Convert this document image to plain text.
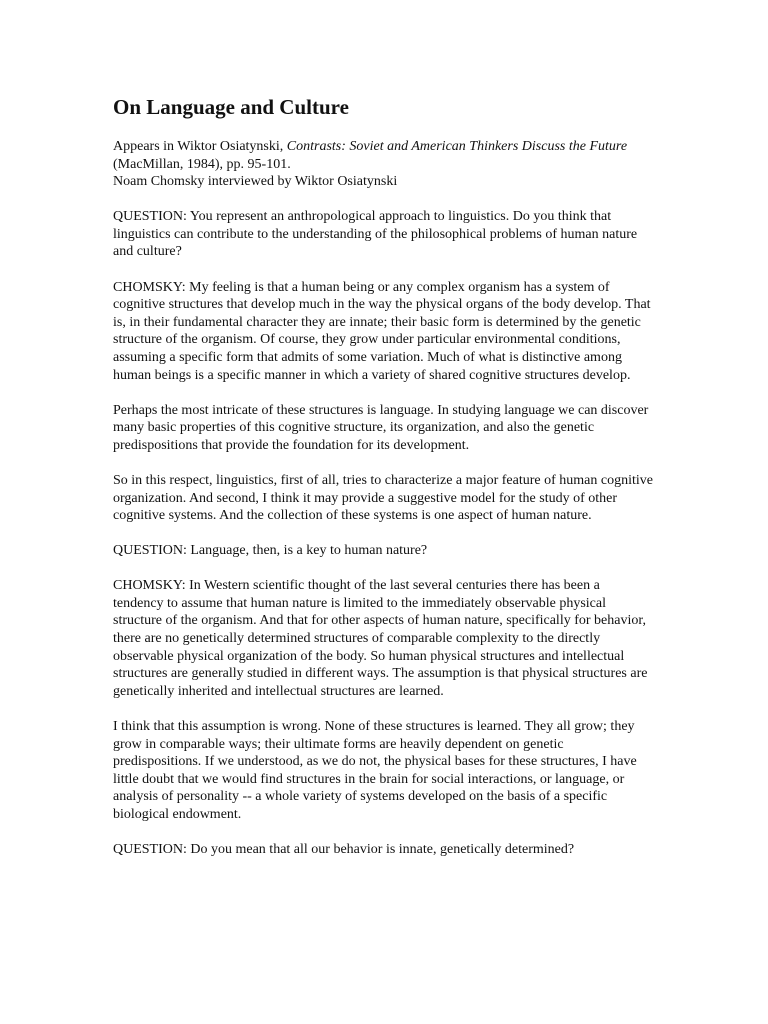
On Language and Culture

Appears in Wiktor Osiatynski, Contrasts: Soviet and American Thinkers Discuss the Future (MacMillan, 1984), pp. 95-101.
Noam Chomsky interviewed by Wiktor Osiatynski

QUESTION: You represent an anthropological approach to linguistics. Do you think that linguistics can contribute to the understanding of the philosophical problems of human nature and culture?

CHOMSKY: My feeling is that a human being or any complex organism has a system of cognitive structures that develop much in the way the physical organs of the body develop. That is, in their fundamental character they are innate; their basic form is determined by the genetic structure of the organism. Of course, they grow under particular environmental conditions, assuming a specific form that admits of some variation. Much of what is distinctive among human beings is a specific manner in which a variety of shared cognitive structures develop.

Perhaps the most intricate of these structures is language. In studying language we can discover many basic properties of this cognitive structure, its organization, and also the genetic predispositions that provide the foundation for its development.

So in this respect, linguistics, first of all, tries to characterize a major feature of human cognitive organization. And second, I think it may provide a suggestive model for the study of other cognitive systems. And the collection of these systems is one aspect of human nature.

QUESTION: Language, then, is a key to human nature?

CHOMSKY: In Western scientific thought of the last several centuries there has been a tendency to assume that human nature is limited to the immediately observable physical structure of the organism. And that for other aspects of human nature, specifically for behavior, there are no genetically determined structures of comparable complexity to the directly observable physical organization of the body. So human physical structures and intellectual structures are generally studied in different ways. The assumption is that physical structures are genetically inherited and intellectual structures are learned.

I think that this assumption is wrong. None of these structures is learned. They all grow; they grow in comparable ways; their ultimate forms are heavily dependent on genetic predispositions. If we understood, as we do not, the physical bases for these structures, I have little doubt that we would find structures in the brain for social interactions, or language, or analysis of personality -- a whole variety of systems developed on the basis of a specific biological endowment.

QUESTION: Do you mean that all our behavior is innate, genetically determined?
